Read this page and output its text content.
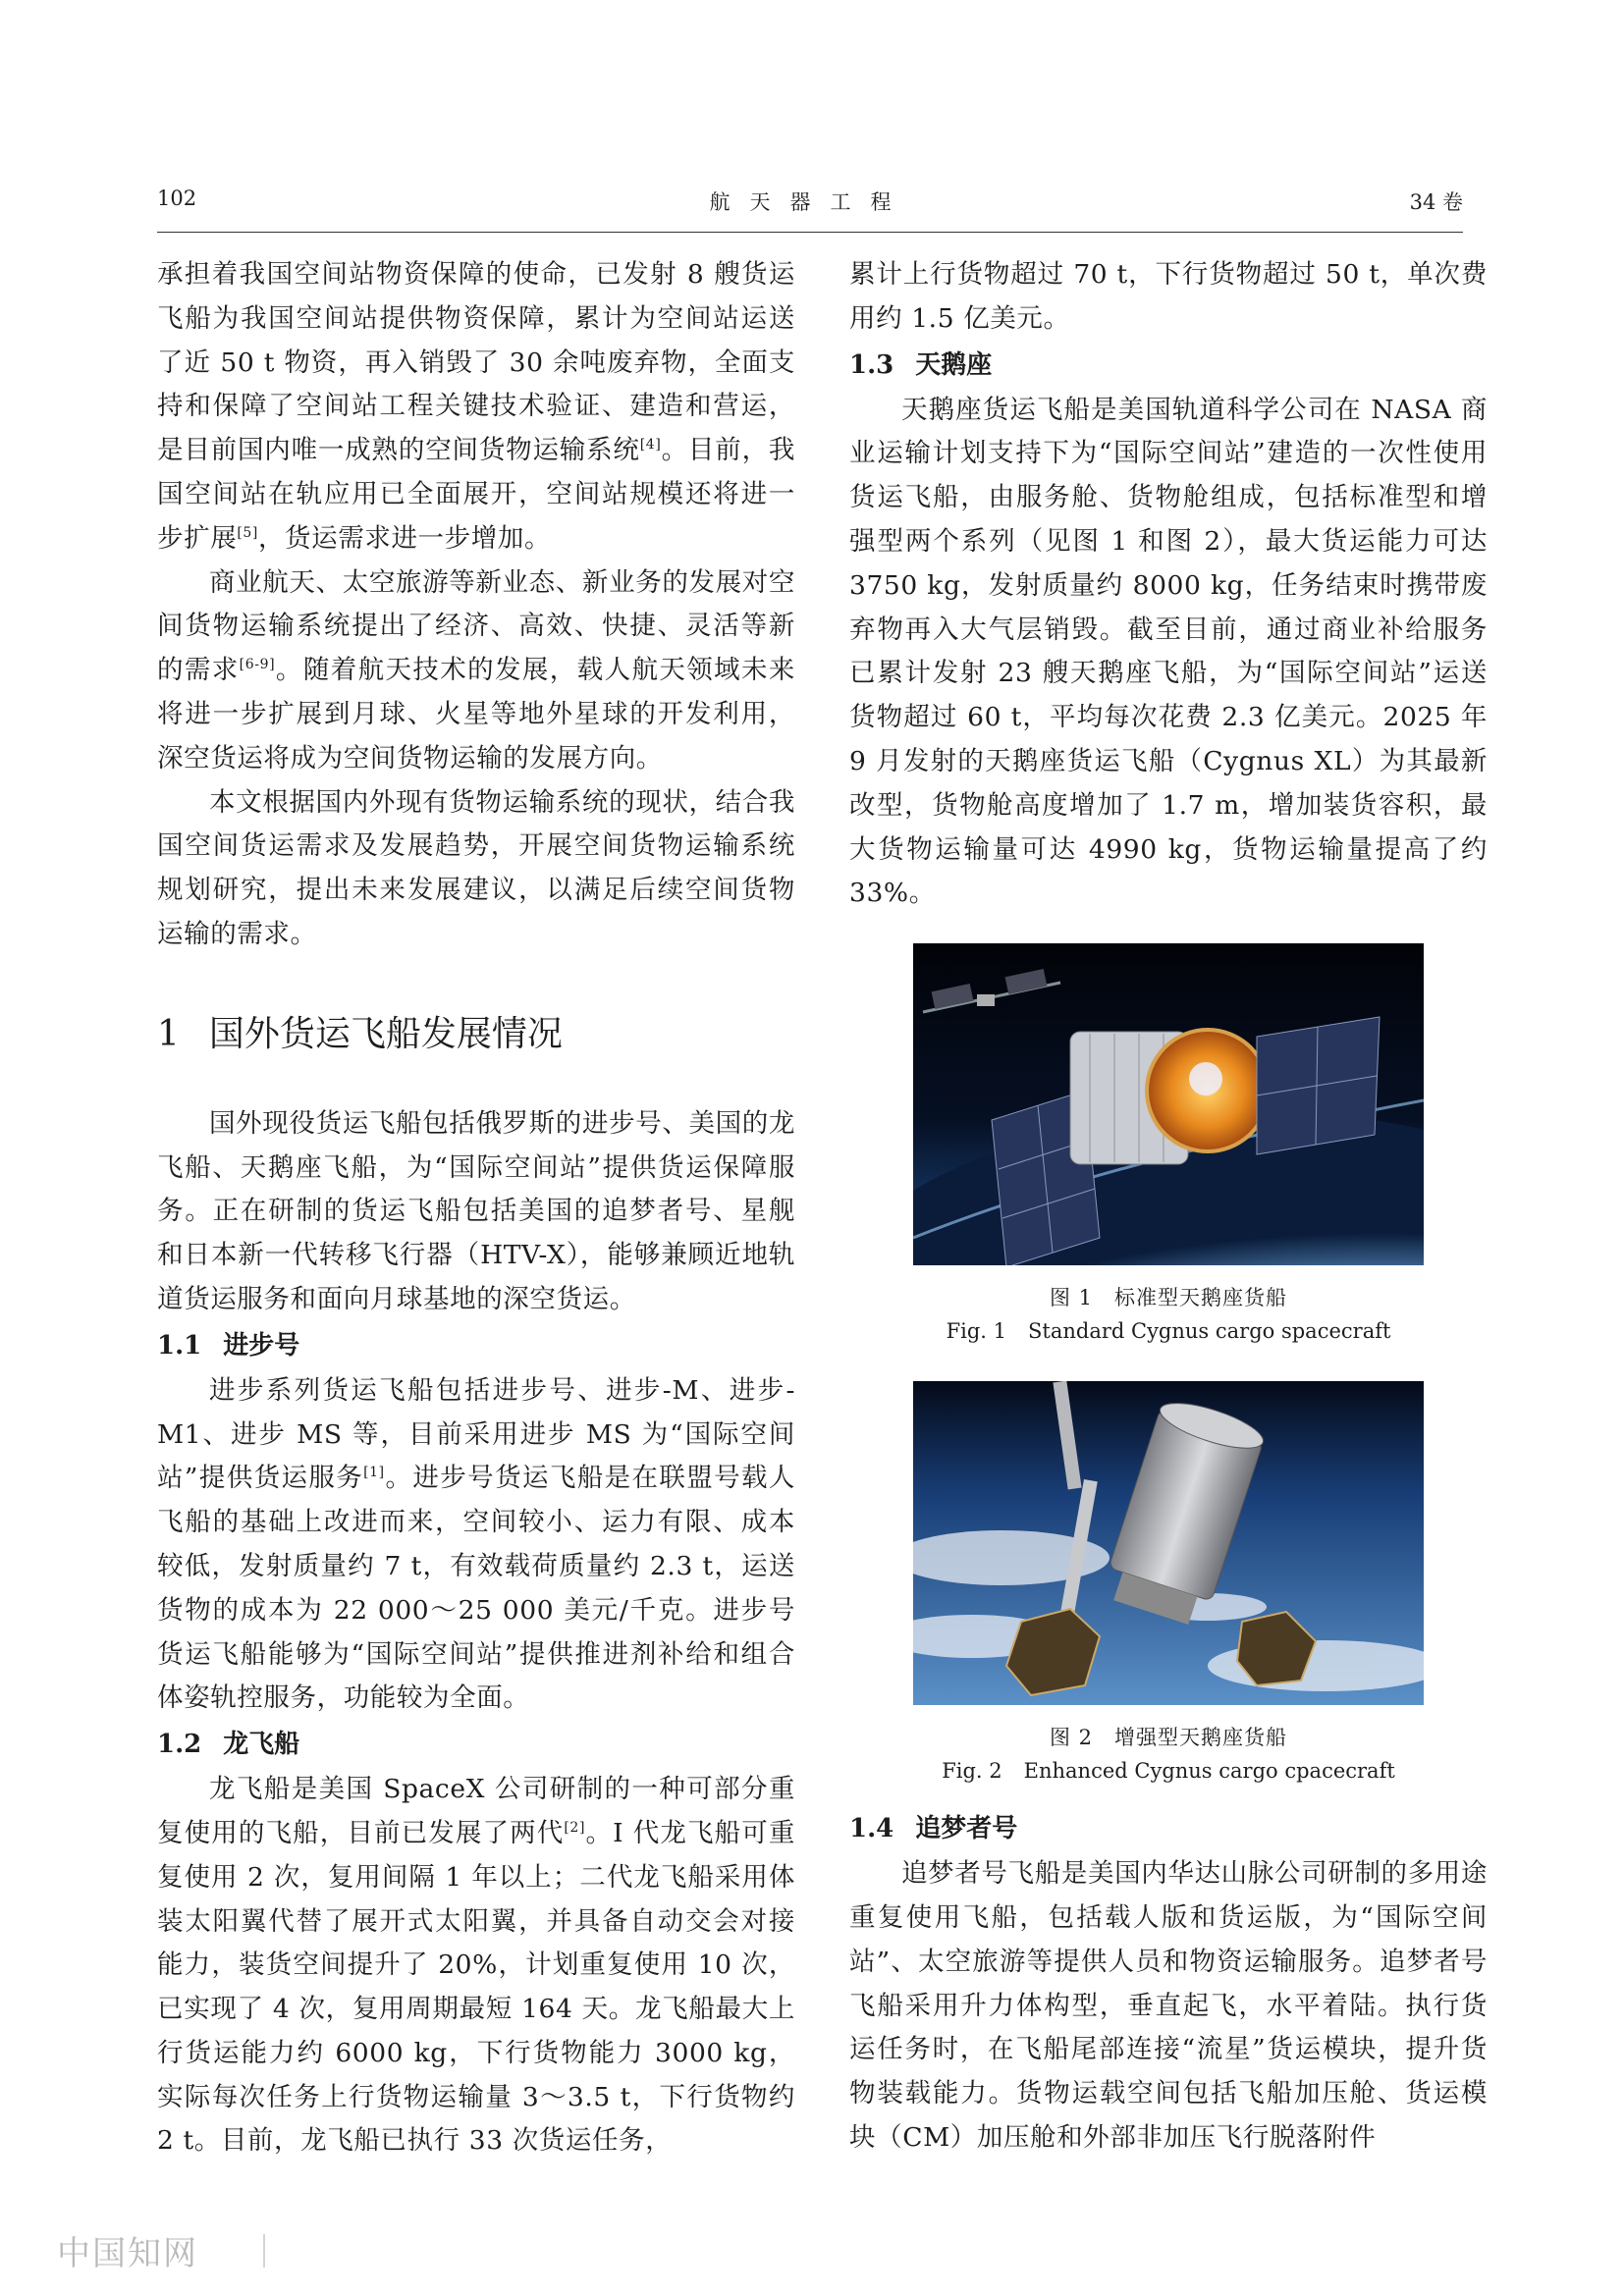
102	航天器工程	34 卷

承担着我国空间站物资保障的使命，已发射 8 艘货运飞船为我国空间站提供物资保障，累计为空间站运送了近 50 t 物资，再入销毁了 30 余吨废弃物，全面支持和保障了空间站工程关键技术验证、建造和营运，是目前国内唯一成熟的空间货物运输系统[4]。目前，我国空间站在轨应用已全面展开，空间站规模还将进一步扩展[5]，货运需求进一步增加。

商业航天、太空旅游等新业态、新业务的发展对空间货物运输系统提出了经济、高效、快捷、灵活等新的需求[6-9]。随着航天技术的发展，载人航天领域未来将进一步扩展到月球、火星等地外星球的开发利用，深空货运将成为空间货物运输的发展方向。

本文根据国内外现有货物运输系统的现状，结合我国空间货运需求及发展趋势，开展空间货物运输系统规划研究，提出未来发展建议，以满足后续空间货物运输的需求。

1 国外货运飞船发展情况

国外现役货运飞船包括俄罗斯的进步号、美国的龙飞船、天鹅座飞船，为“国际空间站”提供货运保障服务。正在研制的货运飞船包括美国的追梦者号、星舰和日本新一代转移飞行器（HTV-X），能够兼顾近地轨道货运服务和面向月球基地的深空货运。

1.1 进步号

进步系列货运飞船包括进步号、进步-M、进步-M1、进步 MS 等，目前采用进步 MS 为“国际空间站”提供货运服务[1]。进步号货运飞船是在联盟号载人飞船的基础上改进而来，空间较小、运力有限、成本较低，发射质量约 7 t，有效载荷质量约 2.3 t，运送货物的成本为 22 000～25 000 美元/千克。进步号货运飞船能够为“国际空间站”提供推进剂补给和组合体姿轨控服务，功能较为全面。

1.2 龙飞船

龙飞船是美国 SpaceX 公司研制的一种可部分重复使用的飞船，目前已发展了两代[2]。I 代龙飞船可重复使用 2 次，复用间隔 1 年以上；二代龙飞船采用体装太阳翼代替了展开式太阳翼，并具备自动交会对接能力，装货空间提升了 20%，计划重复使用 10 次，已实现了 4 次，复用周期最短 164 天。龙飞船最大上行货运能力约 6000 kg，下行货物能力 3000 kg，实际每次任务上行货物运输量 3～3.5 t，下行货物约 2 t。目前，龙飞船已执行 33 次货运任务，

累计上行货物超过 70 t，下行货物超过 50 t，单次费用约 1.5 亿美元。

1.3 天鹅座

天鹅座货运飞船是美国轨道科学公司在 NASA 商业运输计划支持下为“国际空间站”建造的一次性使用货运飞船，由服务舱、货物舱组成，包括标准型和增强型两个系列（见图 1 和图 2），最大货运能力可达 3750 kg，发射质量约 8000 kg，任务结束时携带废弃物再入大气层销毁。截至目前，通过商业补给服务已累计发射 23 艘天鹅座飞船，为“国际空间站”运送货物超过 60 t，平均每次花费 2.3 亿美元。2025 年 9 月发射的天鹅座货运飞船（Cygnus XL）为其最新改型，货物舱高度增加了 1.7 m，增加装货容积，最大货物运输量可达 4990 kg，货物运输量提高了约 33%。

图 1 标准型天鹅座货船
Fig. 1 Standard Cygnus cargo spacecraft
图 2 增强型天鹅座货船
Fig. 2 Enhanced Cygnus cargo cpacecraft
1.4 追梦者号

追梦者号飞船是美国内华达山脉公司研制的多用途重复使用飞船，包括载人版和货运版，为“国际空间站”、太空旅游等提供人员和物资运输服务。追梦者号飞船采用升力体构型，垂直起飞，水平着陆。执行货运任务时，在飞船尾部连接“流星”货运模块，提升货物装载能力。货物运载空间包括飞船加压舱、货运模块（CM）加压舱和外部非加压飞行脱落附件

中国知网
